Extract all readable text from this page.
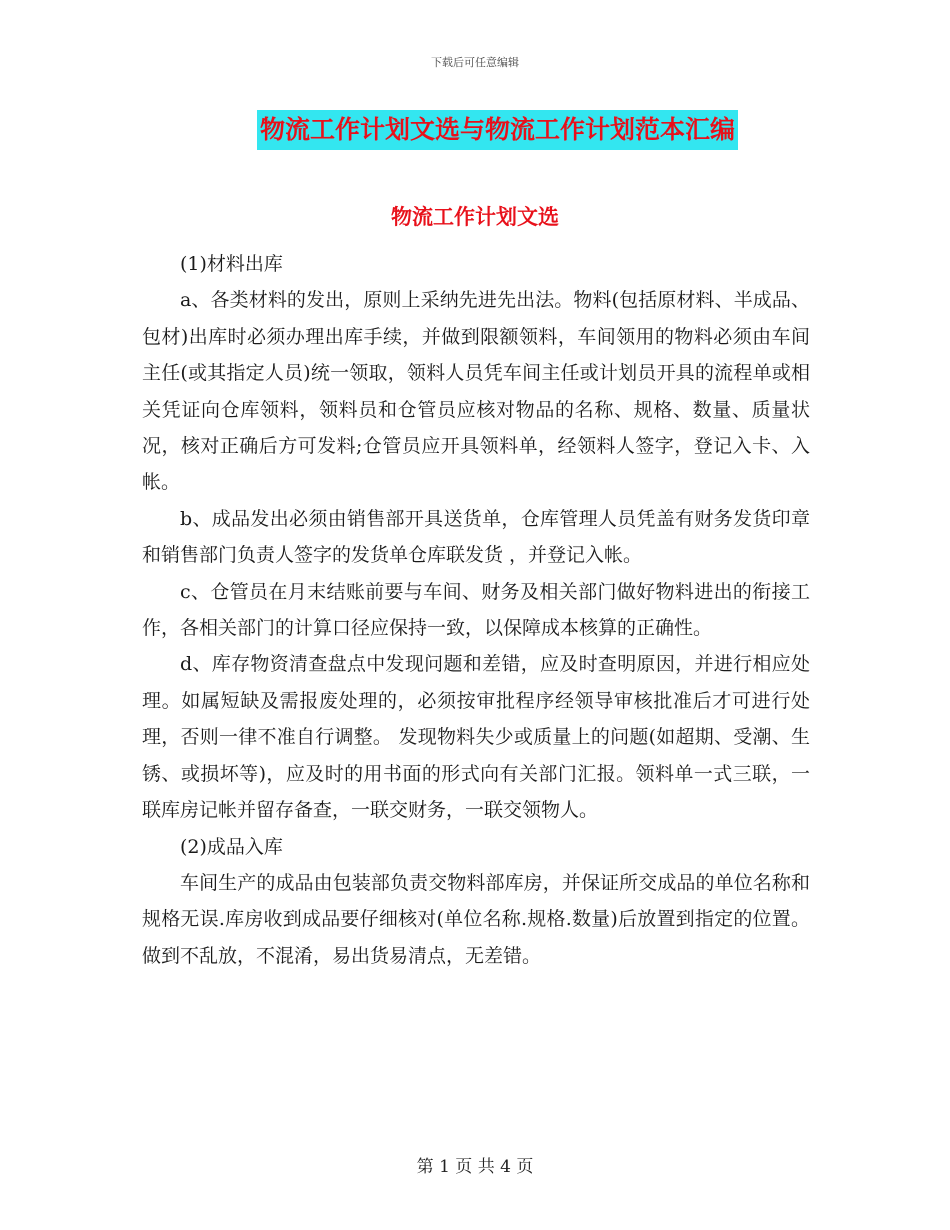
下载后可任意编辑
物流工作计划文选与物流工作计划范本汇编
物流工作计划文选

(1)材料出库

a、各类材料的发出，原则上采纳先进先出法。物料(包括原材料、半成品、包材)出库时必须办理出库手续，并做到限额领料，车间领用的物料必须由车间主任(或其指定人员)统一领取，领料人员凭车间主任或计划员开具的流程单或相关凭证向仓库领料，领料员和仓管员应核对物品的名称、规格、数量、质量状况，核对正确后方可发料;仓管员应开具领料单，经领料人签字，登记入卡、入帐。

b、成品发出必须由销售部开具送货单，仓库管理人员凭盖有财务发货印章和销售部门负责人签字的发货单仓库联发货 ，并登记入帐。

c、仓管员在月末结账前要与车间、财务及相关部门做好物料进出的衔接工作，各相关部门的计算口径应保持一致，以保障成本核算的正确性。

d、库存物资清查盘点中发现问题和差错，应及时查明原因，并进行相应处理。如属短缺及需报废处理的，必须按审批程序经领导审核批准后才可进行处理，否则一律不准自行调整。 发现物料失少或质量上的问题(如超期、受潮、生锈、或损坏等)，应及时的用书面的形式向有关部门汇报。领料单一式三联，一联库房记帐并留存备查，一联交财务，一联交领物人。

(2)成品入库

车间生产的成品由包装部负责交物料部库房，并保证所交成品的单位名称和规格无误.库房收到成品要仔细核对(单位名称.规格.数量)后放置到指定的位置。做到不乱放，不混淆，易出货易清点，无差错。

第 1 页 共 4 页
